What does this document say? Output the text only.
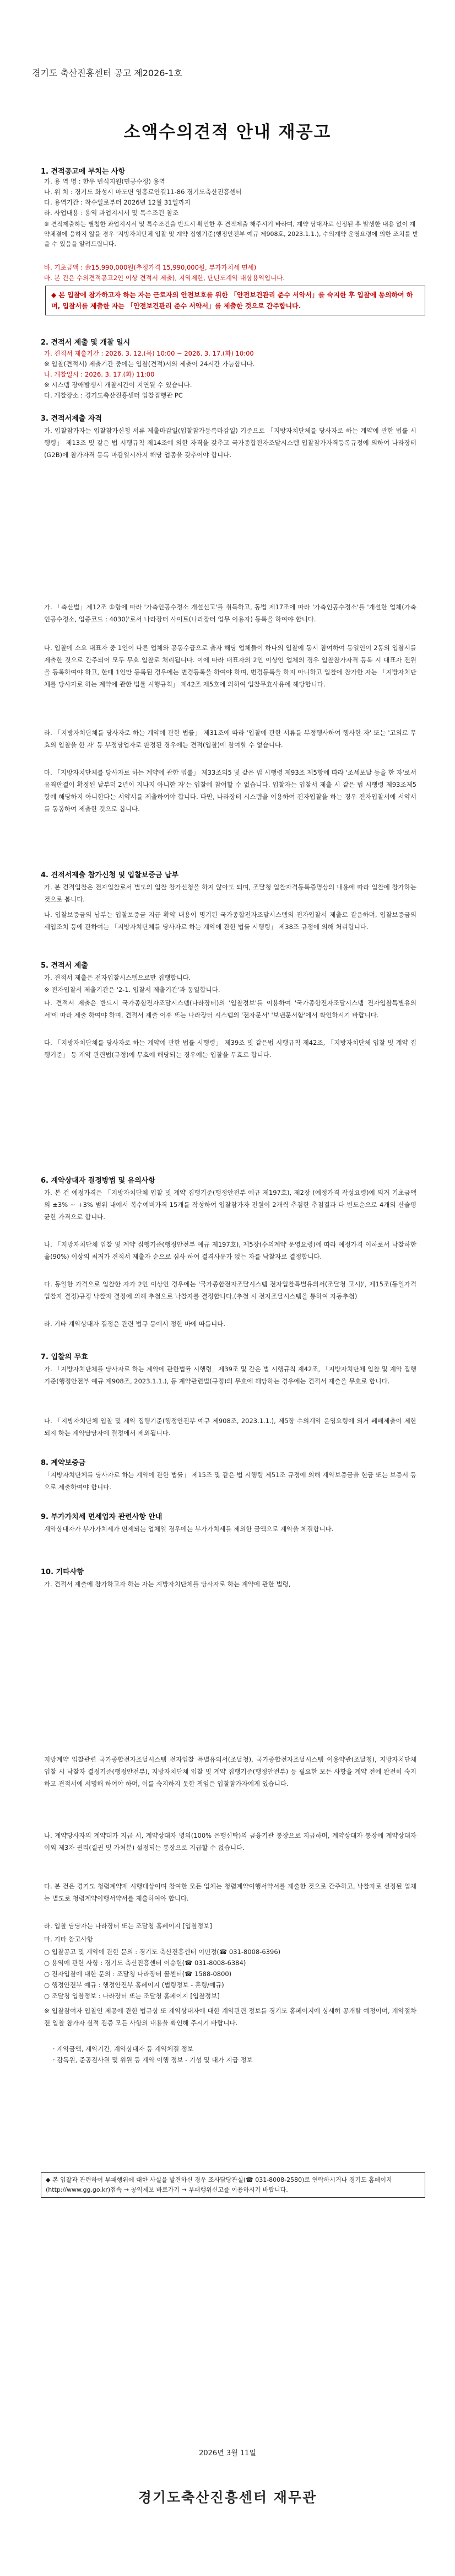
경기도 축산진흥센터 공고 제2026-1호
소액수의견적 안내 재공고
1. 견적공고에 부치는 사항
가. 용 역 명 : 한우 번식지원(민공수정) 용역
나. 위 치 : 경기도 화성시 마도면 영흥로안길11-86 경기도축산진흥센터
다. 용역기간 : 착수일로부터 2026년 12월 31일까지
라. 사업내용 : 용역 과업지시서 및 특수조건 참조
※ 견적제출하는 별첨한 과업지시서 및 특수조건을 반드시 확인한 후 견적제출 해주시기 바라며, 계약 당대자로 선정된 후 발생한 내용 없이 계약체결에 응하지 않을 경우 '지방자치단체 입찰 및 계약 집행기준(행정안전부 예규 제908호, 2023.1.1.), 수의계약 운영요령에 의한 조치를 받을 수 있음을 알려드립니다.
바. 기초금액 : 金15,990,000원(추정가격 15,990,000원, 부가가치세 면세)
바. 본 건은 수의견적공고2인 이상 견적서 제출), 지역제한, 단년도계약 대상용역입니다.
◆ 본 입찰에 참가하고자 하는 자는 근로자의 안전보호를 위한 「안전보건관리 준수 서약서」를 숙지한 후 입찰에 동의하여 하며, 입찰서를 제출한 자는 「안전보건관리 준수 서약서」를 제출한 것으로 간주합니다.
2. 견적서 제출 및 개찰 일시
가. 견적서 제출기간 : 2026. 3. 12.(목) 10:00 ~ 2026. 3. 17.(화) 10:00
※ 입찰(견적서) 제출기간 중에는 입찰(견적)서의 제출이 24시간 가능합니다.
나. 개찰일시 : 2026. 3. 17.(화) 11:00
※ 시스템 장애발생시 개찰시간이 지연될 수 있습니다.
다. 개찰장소 : 경기도축산진흥센터 입찰집행관 PC
3. 견적서제출 자격
가. 입찰참가자는 입찰참가신청 서류 제출마감일(입찰참가등록마감일) 기준으로 「지방자치단체를 당사자로 하는 계약에 관한 법률 시행령」 제13조 및 같은 법 시행규칙 제14조에 의한 자격을 갖추고 국가종합전자조달시스템 입찰참가자격등록규정에 의하여 나라장터(G2B)에 참가자격 등록 마감일시까지 해당 업종을 갖추어야 합니다.
가. 「축산법」제12조 ①항에 따라 '가축인공수정소 개설신고'를 취득하고, 동법 제17조에 따라 '가축인공수정소'를 '개설한 업체(가축인공수정소, 업종코드 : 4030)'로서 나라장터 사이트(나라장터 업무 이용자) 등록을 하여야 합니다.
다. 입찰에 소요 대표자 중 1인이 다른 업체와 공동수급으로 출자 해당 업체들이 하나의 입찰에 동시 참여하여 동일인이 2통의 입찰서를 제출한 것으로 간주되어 모두 무효 입찰로 처리됩니다. 이에 따라 대표자의 2인 이상인 업체의 경우 입찰참가자격 등록 시 대표자 전원을 등록하여야 하고, 한때 1인만 등록된 경우에는 변경등록을 하여야 하며, 변경등록을 하지 아니하고 입찰에 참가한 자는 「지방자치단체를 당사자로 하는 계약에 관한 법률 시행규칙」 제42조 제5호에 의하여 입찰무효사유에 해당합니다.
라. 「지방자치단체를 당사자로 하는 계약에 관한 법률」 제31조에 따라 '입찰에 관한 서류를 부정행사하여 행사한 자' 또는 '고의로 무효의 입찰을 한 자' 등 부정당업자로 판정된 경우에는 견적(입찰)에 참여할 수 없습니다.
마. 「지방자치단체를 당사자로 하는 계약에 관한 법률」 제33조의5 및 같은 법 시행령 제93조 제5항에 따라 '조세포탈 등을 한 자'로서 유죄판결이 확정된 날부터 2년이 지나지 아니한 자'는 입찰에 참여할 수 없습니다. 입찰자는 입찰서 제출 시 같은 법 시행령 제93조제5항에 해당하지 아니한다는 서약서를 제출하여야 합니다. 다만, 나라장터 시스템을 이용하여 전자입찰을 하는 경우 전자입찰서에 서약서를 동봉하여 제출한 것으로 봅니다.
4. 견적서제출 참가신청 및 입찰보증금 납부
가. 본 견적입찰은 전자입찰로서 별도의 입찰 참가신청을 하지 않아도 되며, 조달청 입찰자격등록증명상의 내용에 따라 입찰에 참가하는 것으로 봅니다.
나. 입찰보증금의 납부는 입찰보증금 지급 확약 내용이 명기된 국가종합전자조달시스템의 전자입찰서 제출로 갈음하며, 입찰보증금의 세입조치 등에 관하여는 「지방자치단체를 당사자로 하는 계약에 관한 법률 시행령」 제38조 규정에 의해 처리합니다.
5. 견적서 제출
가. 견적서 제출은 전자입찰시스템으로만 집행합니다.
※ 전자입찰서 제출기간은 '2-1. 입찰서 제출기간'과 동일합니다.
나. 견적서 제출은 반드시 국가종합전자조달시스템(나라장터)의 '입찰정보'를 이용하여 '국가종합전자조달시스템 전자입찰특별유의서'에 따라 제출 하여야 하며, 견적서 제출 이후 또는 나라장터 시스템의 '전자문서' '보낸문서함'에서 확인하시기 바랍니다.
다. 「지방자치단체를 당사자로 하는 계약에 관한 법률 시행령」 제39조 및 같은법 시행규칙 제42조, 「지방자치단체 입찰 및 계약 집행기준」 등 계약 관련법(규정)에 무효에 해당되는 경우에는 입찰을 무효로 합니다.
6. 계약상대자 결정방법 및 유의사항
가. 본 건 예정가격은 「지방자치단체 입찰 및 계약 집행기준(행정안전부 예규 제197호), 제2장 (예정가격 작성요령)에 의거 기초금액의 ±3% ~ +3% 범위 내에서 복수예비가격 15개를 작성하여 입찰참가자 전원이 2개씩 추첨한 추첨결과 다 빈도순으로 4개의 산술평균한 가격으로 합니다.
나. 「지방자치단체 입찰 및 계약 집행기준(행정안전부 예규 제197호), 제5장(수의계약 운영요령)에 따라 예정가격 이하로서 낙찰하한율(90%) 이상의 최저가 견적서 제출자 순으로 심사 하여 결격사유가 없는 자를 낙찰자로 결정합니다.
다. 동일한 가격으로 입찰한 자가 2인 이상인 경우에는 '국가종합전자조달시스템 전자입찰특별유의서(조달청 고시)', 제15조(동일가격입찰자 결정)규정 낙찰자 결정에 의해 추첨으로 낙찰자를 결정합니다.(추첨 시 전자조달시스템을 통하여 자동추첨)
라. 기타 계약상대자 결정은 관련 법규 등에서 정한 바에 따릅니다.
7. 입찰의 무효
가. 「지방자치단체를 당사자로 하는 계약에 관한법률 시행령」제39조 및 같은 법 시행규칙 제42조, 「지방자치단체 입찰 및 계약 집행기준(행정안전부 예규 제908조, 2023.1.1.), 등 계약관련법(규정)의 무효에 해당하는 경우에는 견적서 제출을 무효로 합니다.
나. 「지방자치단체 입찰 및 계약 집행기준(행정안전부 예규 제908조, 2023.1.1.), 제5장 수의계약 운영요령에 의거 페배제출이 제한되지 하는 계약담당자에 결정에서 제외됩니다.
8. 계약보증금
「지방자치단체를 당사자로 하는 계약에 관한 법률」 제15조 및 같은 법 시행령 제51조 규정에 의해 계약보증금을 현금 또는 보증서 등으로 제출하여야 합니다.
9. 부가가치세 면세업자 관련사항 안내
계약상대자가 부가가치세가 면제되는 업체일 경우에는 부가가치세를 제외한 금액으로 계약을 체결합니다.
10. 기타사항
가. 견적서 제출에 참가하고자 하는 자는 지방자치단체를 당사자로 하는 계약에 관한 법령,
지방계약 입찰관련 국가종합전자조달시스템 전자입찰 특별유의서(조달청), 국가종합전자조달시스템 이용약관(조달청), 지방자치단체 입찰 시 낙찰자 결정기준(행정안전부), 지방자치단체 입찰 및 계약 집행기준(행정안전부) 등 필요한 모든 사항을 계약 전에 완전히 숙지하고 견적서에 서명해 하여야 하며, 이를 숙지하지 못한 책임은 입찰참가자에게 있습니다.
나. 계약당사자의 계약대가 지급 시, 계약상대자 명의(100% 은행신탁)의 금융기관 통장으로 지급하며, 계약상대자 통장에 계약상대자 이외 제3자 권리(질권 및 가처분) 설정되는 통장으로 지급할 수 없습니다.
다. 본 건은 경기도 청렴계약제 시행대상이며 참여한 모든 업체는 청렴계약이행서약서를 제출한 것으로 간주하고, 낙찰자로 선정된 업체는 별도로 청렴계약이행서약서를 제출하여야 합니다.
라. 입찰 담당자는 나라장터 또는 조달청 홈페이지 [입찰정보]
마. 기타 참고사항
○ 입찰공고 및 계약에 관한 문의 : 경기도 축산진흥센터 이민정(☎ 031-8008-6396)
○ 용역에 관한 사항 : 경기도 축산진흥센터 이승현(☎ 031-8008-6384)
○ 전자입찰에 대한 문의 : 조달청 나라장터 콜센터(☎ 1588-0800)
○ 행정안전부 예규 : 행정안전부 홈페이지 (법령정보 - 훈령/예규)
○ 조달청 입찰정보 : 나라장터 또는 조달청 홈페이지 [입찰정보]
※ 입찰참여자 입찰인 제공에 관한 법규상 또 계약상대자에 대한 계약관련 정보를 경기도 홈페이지에 상세히 공개할 예정이며, 계약절차 전 입찰 참가자 실적 검증 모든 사항의 내용을 확인해 주시기 바랍니다.
· 계약금액, 계약기간, 계약상대자 등 계약체결 정보
· 감독원, 준공검사원 및 위원 등 계약 이행 정보 - 기성 및 대가 지급 정보
◆ 본 입찰과 관련하여 부패행위에 대한 사실을 발견하신 경우 조사담당관실(☎ 031-8008-2580)로 연락하시거나 경기도 홈페이지(http://www.gg.go.kr)접속 → 공익제보 바로가기 → 부패행위신고를 이용하시기 바랍니다.
2026년 3월 11일
경기도축산진흥센터 재무관
